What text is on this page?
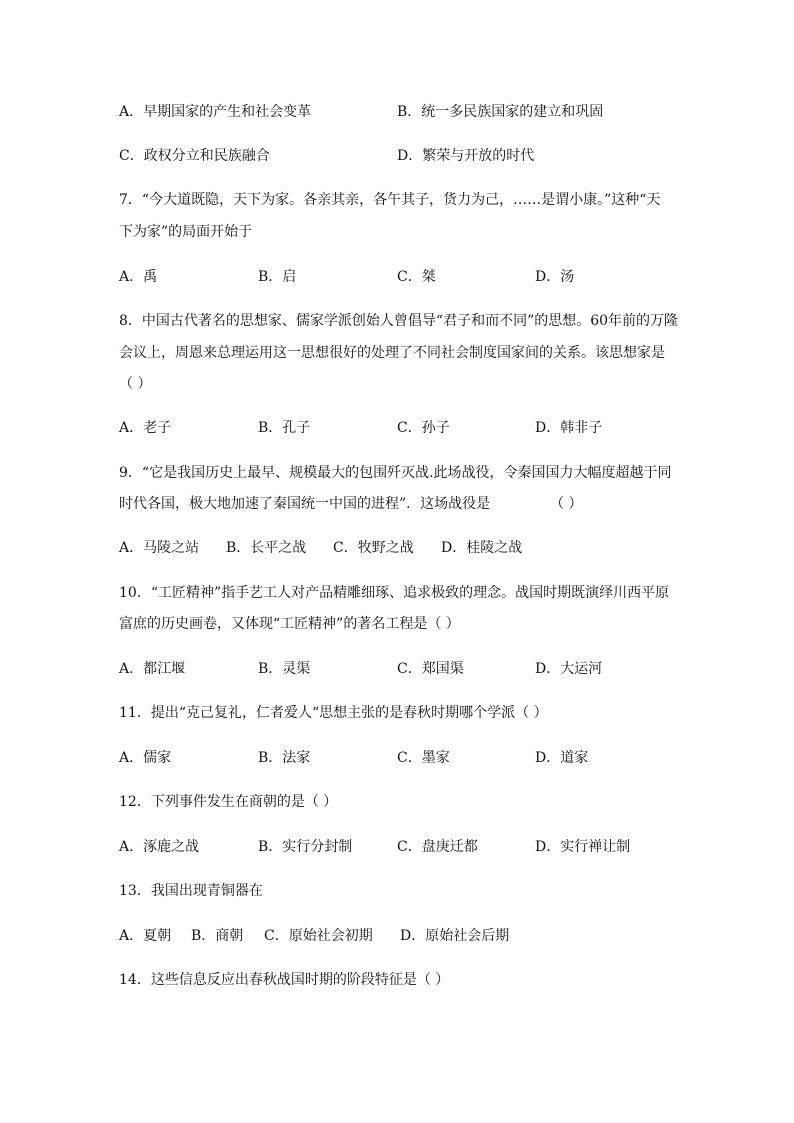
A．早期国家的产生和社会变革	B．统一多民族国家的建立和巩固
C．政权分立和民族融合	D．繁荣与开放的时代
7．“今大道既隐，天下为家。各亲其亲，各午其子，货力为己，……是谓小康。”这种“天
下为家”的局面开始于
A．禹	B．启	C．桀	D．汤
8．中国古代著名的思想家、儒家学派创始人曾倡导“君子和而不同”的思想。60年前的万隆
会议上，周恩来总理运用这一思想很好的处理了不同社会制度国家间的关系。该思想家是
（ ）
A．老子	B．孔子	C．孙子	D．韩非子
9．“它是我国历史上最早、规模最大的包围歼灭战.此场战役，令秦国国力大幅度超越于同
时代各国，极大地加速了秦国统一中国的进程”．这场战役是	（ ）
A．马陵之站 B．长平之战 C．牧野之战 D．桂陵之战
10．“工匠精神”指手艺工人对产品精雕细琢、追求极致的理念。战国时期既演绎川西平原
富庶的历史画卷，又体现“工匠精神”的著名工程是（ ）
A．都江堰	B．灵渠	C．郑国渠	D．大运河
11．提出“克己复礼，仁者爱人“思想主张的是春秋时期哪个学派（ ）
A．儒家	B．法家	C．墨家	D．道家
12．下列事件发生在商朝的是（ ）
A．涿鹿之战	B．实行分封制	C．盘庚迁都	D．实行禅让制
13．我国出现青铜器在
A．夏朝 B．商朝 C．原始社会初期 D．原始社会后期
14．这些信息反应出春秋战国时期的阶段特征是（ ）
